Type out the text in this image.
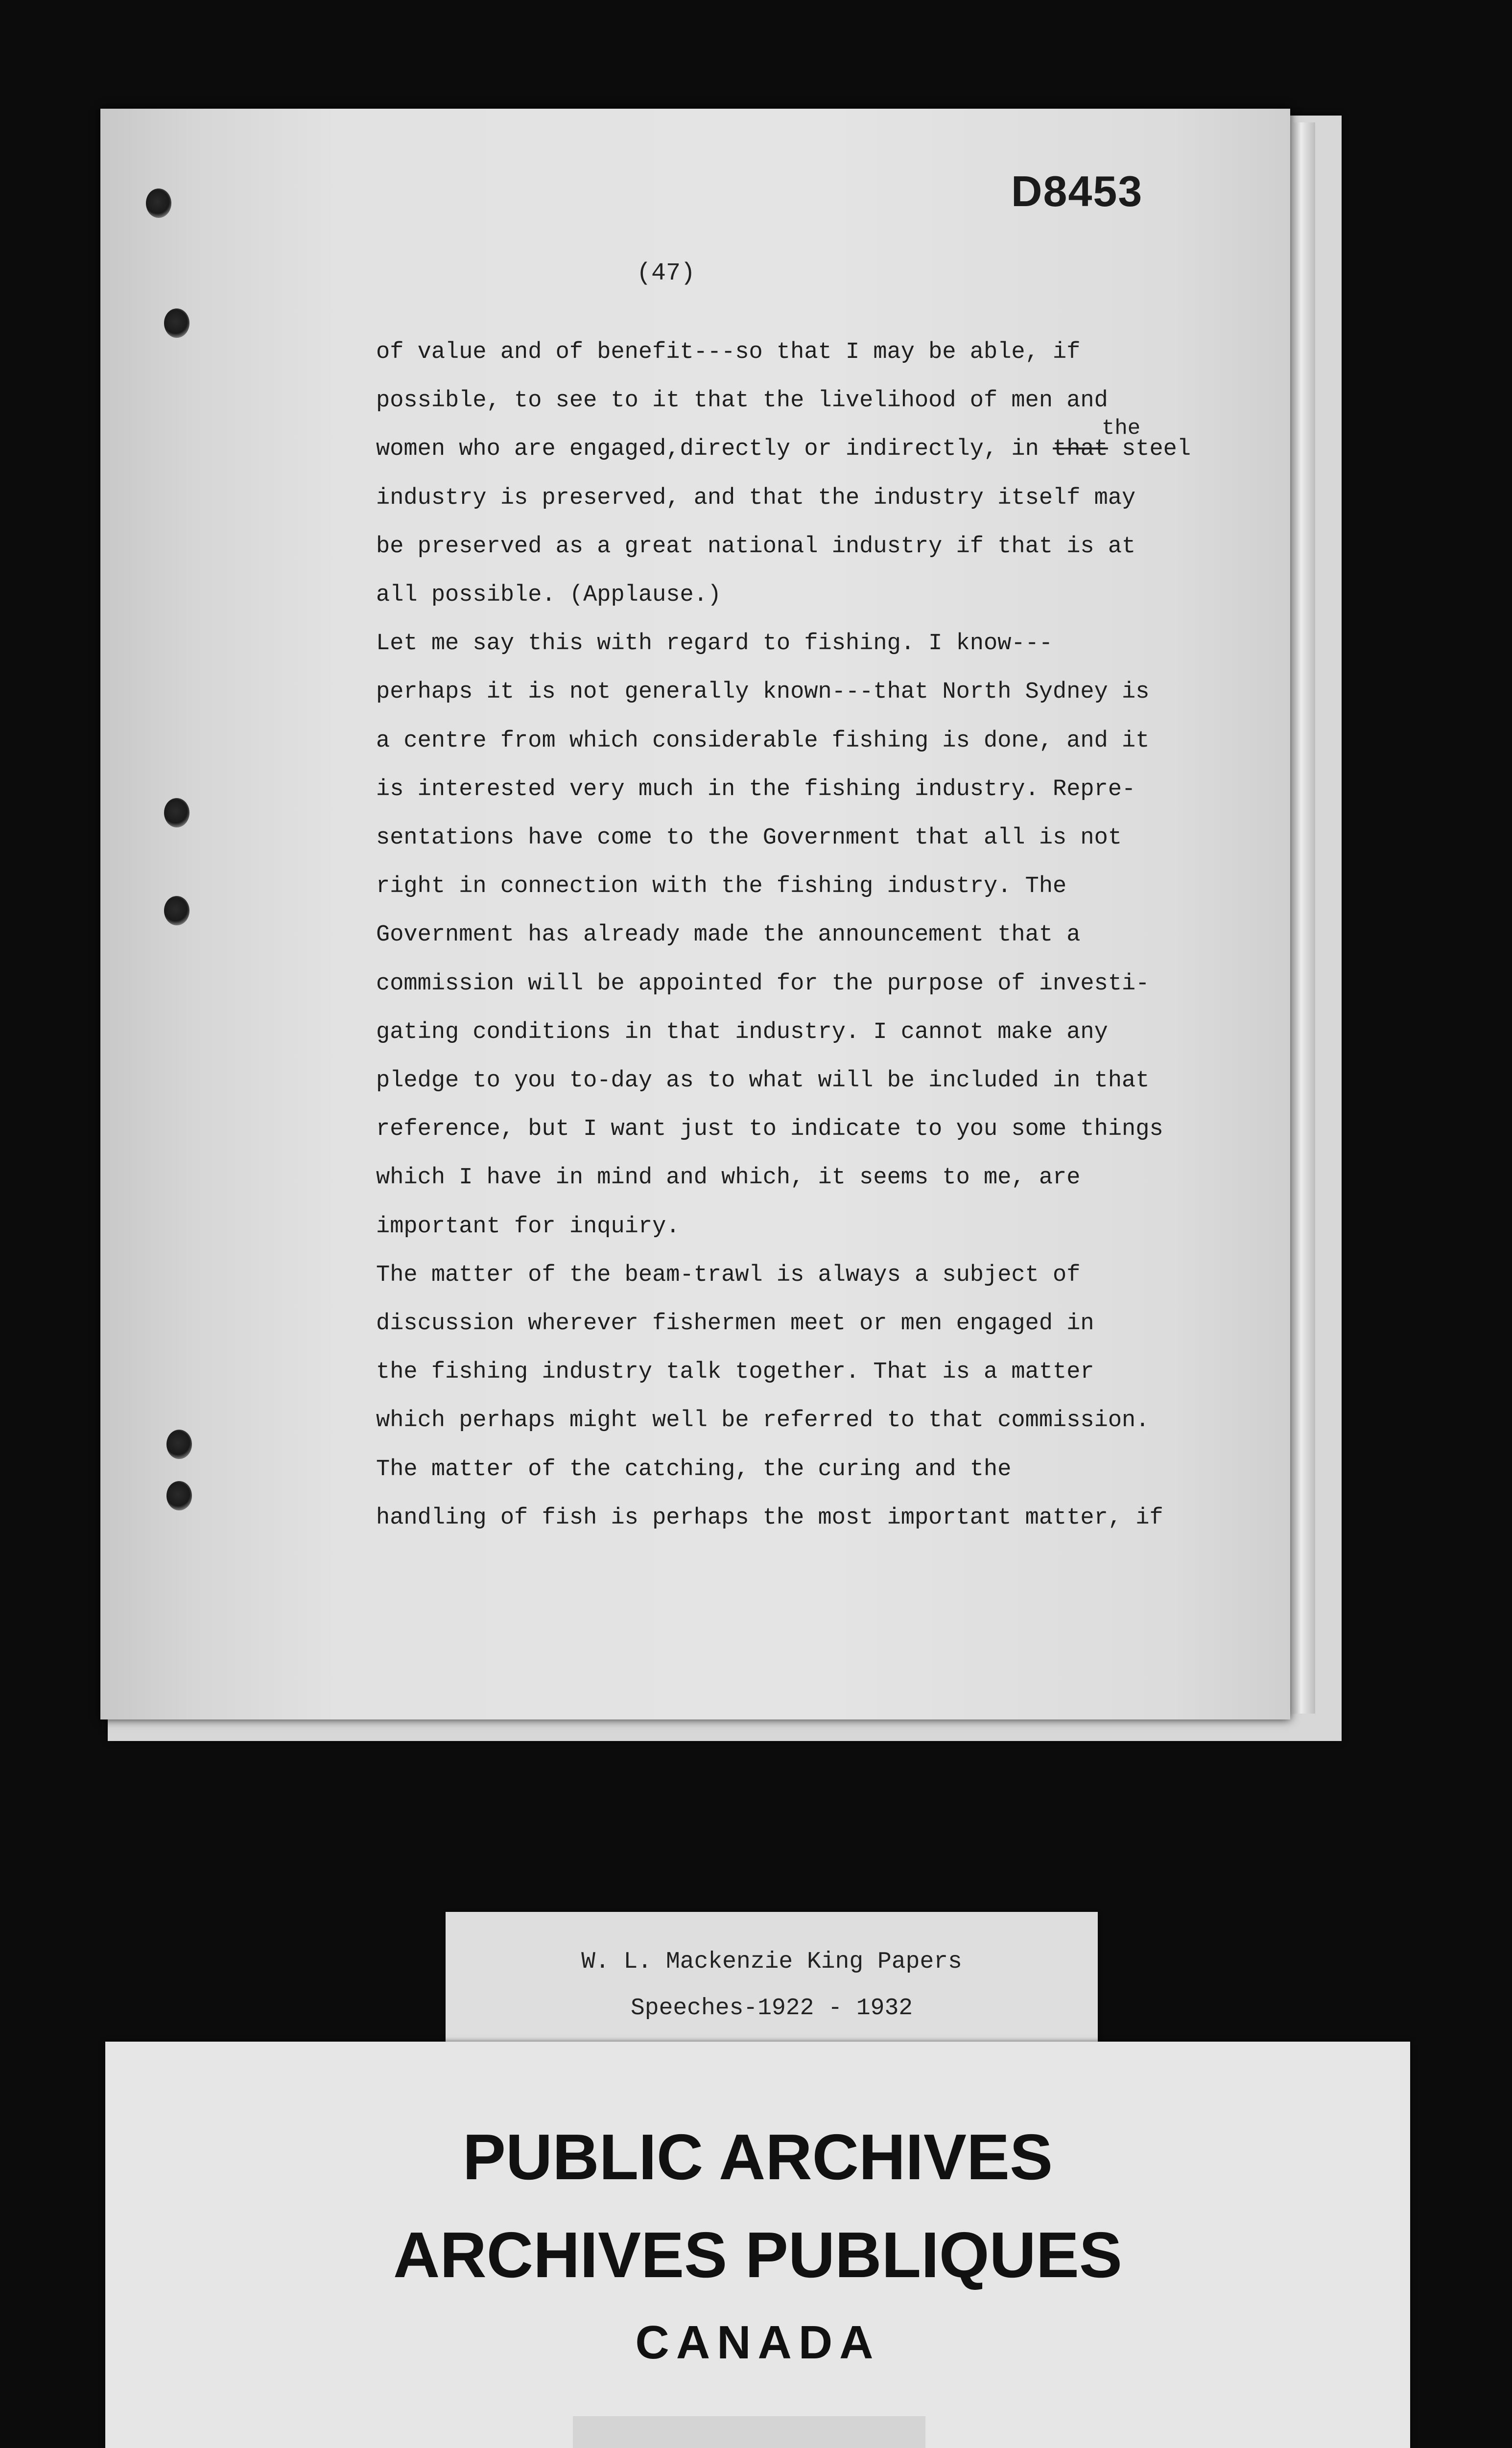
D8453
(47)
the
of value and of benefit---so that I may be able, if
possible, to see to it that the livelihood of men and
women who are engaged,directly or indirectly, in that steel
industry is preserved, and that the industry itself may
be preserved as a great national industry if that is at
all possible. (Applause.)
Let me say this with regard to fishing. I know---
perhaps it is not generally known---that North Sydney is
a centre from which considerable fishing is done, and it
is interested very much in the fishing industry. Repre-
sentations have come to the Government that all is not
right in connection with the fishing industry. The
Government has already made the announcement that a
commission will be appointed for the purpose of investi-
gating conditions in that industry. I cannot make any
pledge to you to-day as to what will be included in that
reference, but I want just to indicate to you some things
which I have in mind and which, it seems to me, are
important for inquiry.
The matter of the beam-trawl is always a subject of
discussion wherever fishermen meet or men engaged in
the fishing industry talk together. That is a matter
which perhaps might well be referred to that commission.
The matter of the catching, the curing and the
handling of fish is perhaps the most important matter, if
W. L. Mackenzie King Papers
Speeches-1922 - 1932
PUBLIC ARCHIVES
ARCHIVES PUBLIQUES
CANADA
